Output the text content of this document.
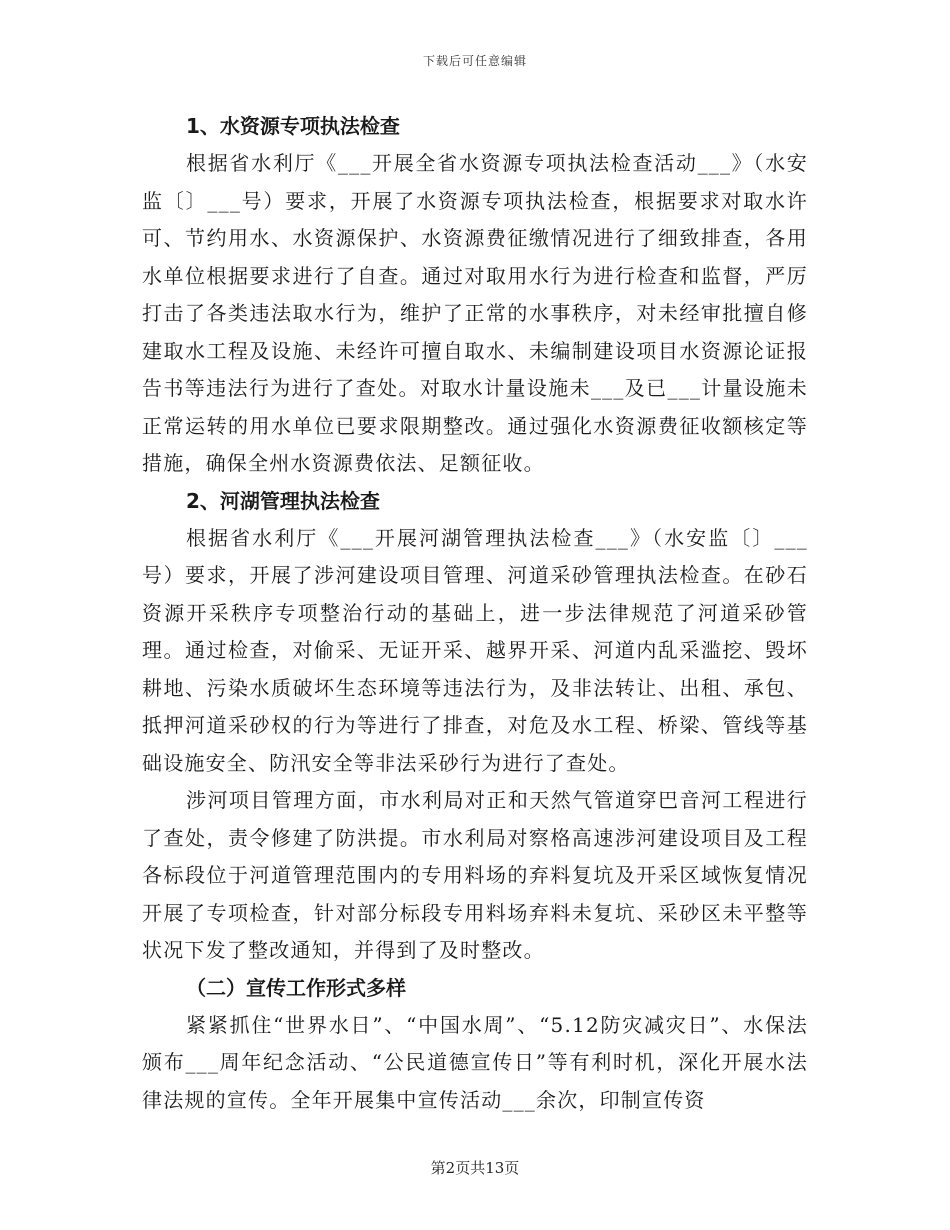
下载后可任意编辑
1、水资源专项执法检查

根据省水利厅《___开展全省水资源专项执法检查活动___》（水安监〔〕___号）要求，开展了水资源专项执法检查，根据要求对取水许可、节约用水、水资源保护、水资源费征缴情况进行了细致排查，各用水单位根据要求进行了自查。通过对取用水行为进行检查和监督，严厉打击了各类违法取水行为，维护了正常的水事秩序，对未经审批擅自修建取水工程及设施、未经许可擅自取水、未编制建设项目水资源论证报告书等违法行为进行了查处。对取水计量设施未___及已___计量设施未正常运转的用水单位已要求限期整改。通过强化水资源费征收额核定等措施，确保全州水资源费依法、足额征收。

2、河湖管理执法检查

根据省水利厅《___开展河湖管理执法检查___》（水安监〔〕___号）要求，开展了涉河建设项目管理、河道采砂管理执法检查。在砂石资源开采秩序专项整治行动的基础上，进一步法律规范了河道采砂管理。通过检查，对偷采、无证开采、越界开采、河道内乱采滥挖、毁坏耕地、污染水质破坏生态环境等违法行为，及非法转让、出租、承包、抵押河道采砂权的行为等进行了排查，对危及水工程、桥梁、管线等基础设施安全、防汛安全等非法采砂行为进行了查处。

涉河项目管理方面，市水利局对正和天然气管道穿巴音河工程进行了查处，责令修建了防洪提。市水利局对察格高速涉河建设项目及工程各标段位于河道管理范围内的专用料场的弃料复坑及开采区域恢复情况开展了专项检查，针对部分标段专用料场弃料未复坑、采砂区未平整等状况下发了整改通知，并得到了及时整改。

（二）宣传工作形式多样

紧紧抓住“世界水日”、“中国水周”、“5.12防灾减灾日”、水保法颁布___周年纪念活动、“公民道德宣传日”等有利时机，深化开展水法律法规的宣传。全年开展集中宣传活动___余次，印制宣传资

第2页共13页
